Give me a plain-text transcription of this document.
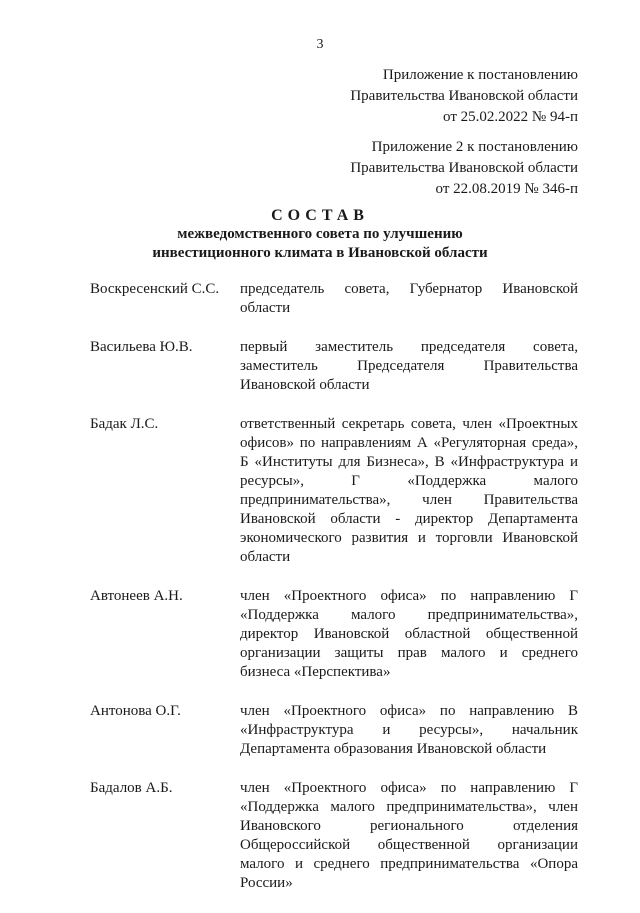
3
Приложение к постановлению
Правительства Ивановской области
от 25.02.2022 № 94-п
Приложение 2 к постановлению
Правительства Ивановской области
от 22.08.2019 № 346-п
СОСТАВ
межведомственного совета по улучшению
инвестиционного климата в Ивановской области
Воскресенский С.С.	председатель совета, Губернатор Ивановской области
Васильева Ю.В.	первый заместитель председателя совета, заместитель Председателя Правительства Ивановской области
Бадак Л.С.	ответственный секретарь совета, член «Проектных офисов» по направлениям А «Регуляторная среда», Б «Институты для Бизнеса», В «Инфраструктура и ресурсы», Г «Поддержка малого предпринимательства», член Правительства Ивановской области - директор Департамента экономического развития и торговли Ивановской области
Автонеев А.Н.	член «Проектного офиса» по направлению Г «Поддержка малого предпринимательства», директор Ивановской областной общественной организации защиты прав малого и среднего бизнеса «Перспектива»
Антонова О.Г.	член «Проектного офиса» по направлению В «Инфраструктура и ресурсы», начальник Департамента образования Ивановской области
Бадалов А.Б.	член «Проектного офиса» по направлению Г «Поддержка малого предпринимательства», член Ивановского регионального отделения Общероссийской общественной организации малого и среднего предпринимательства «Опора России»
